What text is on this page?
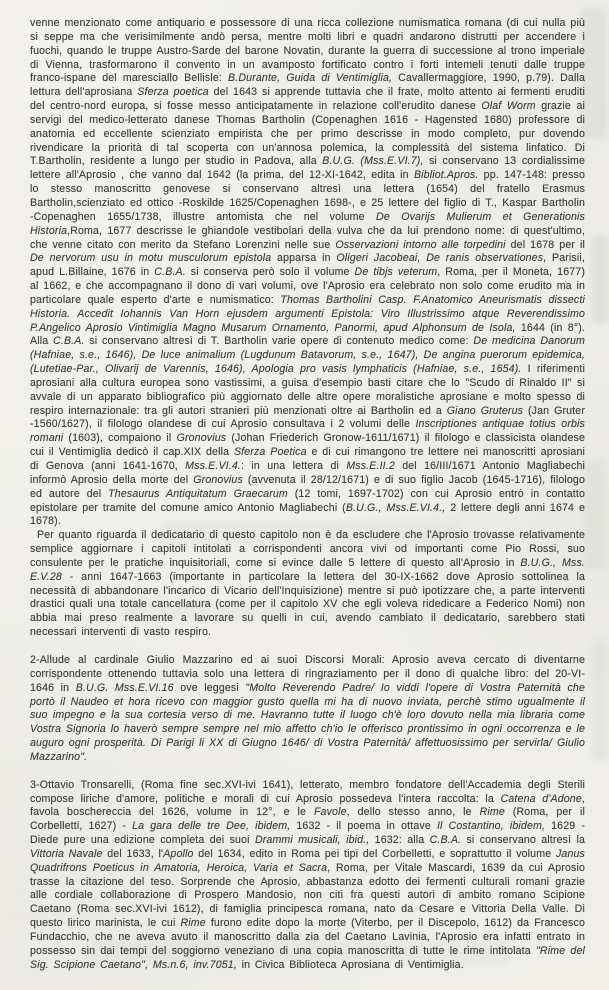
venne menzionato come antiquario e possessore di una ricca collezione numismatica romana (di cui nulla più si seppe ma che verisimilmente andò persa, mentre molti libri e quadri andarono distrutti per accendere i fuochi, quando le truppe Austro-Sarde del barone Novatin, durante la guerra di successione al trono imperiale di Vienna, trasformarono il convento in un avamposto fortificato contro i forti intemeli tenuti dalle truppe franco-ispane del maresciallo Bellisle: B.Durante, Guida di Ventimiglia, Cavallermaggiore, 1990, p.79). Dalla lettura dell'aprosiana Sferza poetica del 1643 si apprende tuttavia che il frate, molto attento ai fermenti eruditi del centro-nord europa, si fosse messo anticipatamente in relazione coll'erudito danese Olaf Worm grazie ai servigi del medico-letterato danese Thomas Bartholin (Copenaghen 1616 - Hagensted 1680) professore di anatomia ed eccellente scienziato empirista che per primo descrisse in modo completo, pur dovendo rivendicare la priorità di tal scoperta con un'annosa polemica, la complessità del sistema linfatico. Di T.Bartholin, residente a lungo per studio in Padova, alla B.U.G. (Mss.E.VI.7), si conservano 13 cordialissime lettere all'Aprosio , che vanno dal 1642 (la prima, del 12-XI-1642, edita in Bibliot.Apros. pp. 147-148: presso lo stesso manoscritto genovese si conservano altresì una lettera (1654) del fratello Erasmus Bartholin,scienziato ed ottico -Roskilde 1625/Copenaghen 1698-, e 25 lettere del figlio di T., Kaspar Bartholin -Copenaghen 1655/1738, illustre antomista che nel volume De Ovarijs Mulierum et Generationis Historia,Roma, 1677 descrisse le ghiandole vestibolari della vulva che da lui prendono nome: di quest'ultimo, che venne citato con merito da Stefano Lorenzini nelle sue Osservazioni intorno alle torpedini del 1678 per il De nervorum usu in motu musculorum epistola apparsa in Oligeri Jacobeai, De ranis observationes, Parisii, apud L.Billaine, 1676 in C.B.A. si conserva però solo il volume De tibjs veterum, Roma, per il Moneta, 1677) al 1662, e che accompagnano il dono di vari volumi, ove l'Aprosio era celebrato non solo come erudito ma in particolare quale esperto d'arte e numismatico: Thomas Bartholini Casp. F.Anatomico Aneurismatis dissecti Historia. Accedit Iohannis Van Horn ejusdem argumenti Epistola: Viro Illustrissimo atque Reverendissimo P.Angelico Aprosio Vintimiglia Magno Musarum Ornamento, Panormi, apud Alphonsum de Isola, 1644 (in 8°). Alla C.B.A. si conservano altresì di T. Bartholin varie opere di contenuto medico come: De medicina Danorum (Hafniae, s.e., 1646), De luce animalium (Lugdunum Batavorum, s.e., 1647), De angina puerorum epidemica,(Lutetiae-Par., Olivarij de Varennis, 1646), Apologia pro vasis lymphaticis (Hafniae, s.e., 1654). I riferimenti aprosiani alla cultura europea sono vastissimi, a guisa d'esempio basti citare che lo "Scudo di Rinaldo II" si avvale di un apparato bibliografico più aggiornato delle altre opere moralistiche aprosiane e molto spesso di respiro internazionale: tra gli autori stranieri più menzionati oltre ai Bartholin ed a Giano Gruterus (Jan Gruter -1560/1627), il filologo olandese di cui Aprosio consultava i 2 volumi delle Inscriptiones antiquae totius orbis romani (1603), compaiono il Gronovius (Johan Friederich Gronow-1611/1671) il filologo e classicista olandese cui il Ventimiglia dedicò il cap.XIX della Sferza Poetica e di cui rimangono tre lettere nei manoscritti aprosiani di Genova (anni 1641-1670, Mss.E.VI.4.: in una lettera di Mss.E.II.2 del 16/III/1671 Antonio Magliabechi informò Aprosio della morte del Gronovius (avvenuta il 28/12/1671) e di suo figlio Jacob (1645-1716), filologo ed autore del Thesaurus Antiquitatum Graecarum (12 tomi, 1697-1702) con cui Aprosio entrò in contatto epistolare per tramite del comune amico Antonio Magliabechi (B.U.G., Mss.E.VI.4., 2 lettere degli anni 1674 e 1678).

Per quanto riguarda il dedicatario di questo capitolo non è da escludere che l'Aprosio trovasse relativamente semplice aggiornare i capitoli intitolati a corrispondenti ancora vivi od importanti come Pio Rossi, suo consulente per le pratiche inquisitoriali, come si evince dalle 5 lettere di questo all'Aprosio in B.U.G., Mss. E.V.28 - anni 1647-1663 (importante in particolare la lettera del 30-IX-1662 dove Aprosio sottolinea la necessità di abbandonare l'incarico di Vicario dell'Inquisizione) mentre si può ipotizzare che, a parte interventi drastici quali una totale cancellatura (come per il capitolo XV che egli voleva ridedicare a Federico Nomi) non abbia mai preso realmente a lavorare su quelli in cui, avendo cambiato il dedicatario, sarebbero stati necessari interventi di vasto respiro.

2-Allude al cardinale Giulio Mazzarino ed ai suoi Discorsi Morali: Aprosio aveva cercato di diventarne corrispondente ottenendo tuttavia solo una lettera di ringraziamento per il dono di qualche libro: del 20-VI-1646 in B.U.G. Mss.E.VI.16 ove leggesi "Molto Reverendo Padre/ Io viddi l'opere di Vostra Paternità che portò il Naudeo et hora ricevo con maggior gusto quella mi ha di nuovo inviata, perchè stimo ugualmente il suo impegno e la sua cortesia verso di me. Havranno tutte il luogo ch'è loro dovuto nella mia libraria come Vostra Signoria lo haverò sempre sempre nel mio affetto ch'io le offerisco prontissimo in ogni occorrenza e le auguro ogni prosperità. Di Parigi li XX di Giugno 1646/ di Vostra Paternità/ affettuosissimo per servirla/ Giulio Mazzarino".

3-Ottavio Tronsarelli, (Roma fine sec.XVI-ivi 1641), letterato, membro fondatore dell'Accademia degli Sterili compose liriche d'amore, politiche e morali di cui Aprosio possedeva l'intera raccolta: la Catena d'Adone, favola boschereccia del 1626, volume in 12°, e le Favole, dello stesso anno, le Rime (Roma, per il Corbelletti, 1627) - La gara delle tre Dee, ibidem, 1632 - il poema in ottave Il Costantino, ibidem, 1629 - Diede pure una edizione completa dei suoi Drammi musicali, ibid., 1632: alla C.B.A. si conservano altresì la Vittoria Navale del 1633, l'Apollo del 1634, edito in Roma pei tipi del Corbelletti, e soprattutto il volume Janus Quadrifrons Poeticus in Amatoria, Heroica, Varia et Sacra, Roma, per Vitale Mascardi, 1639 da cui Aprosio trasse la citazione del teso. Sorprende che Aprosio, abbastanza edotto dei fermenti culturali romani grazie alle cordiale collaborazione di Prospero Mandosio, non citi fra questi autori di ambito romano Scipione Caetano (Roma sec.XVI-ivi 1612), di famiglia principesca romana, nato da Cesare e Vittoria Della Valle. Di questo lirico marinista, le cui Rime furono edite dopo la morte (Viterbo, per il Discepolo, 1612) da Francesco Fundacchio, che ne aveva avuto il manoscritto dalla zia del Caetano Lavinia, l'Aprosio era infatti entrato in possesso sin dai tempi del soggiorno veneziano di una copia manoscritta di tutte le rime intitolata "Rime del Sig. Scipione Caetano", Ms.n.6, inv.7051, in Civica Biblioteca Aprosiana di Ventimiglia.
